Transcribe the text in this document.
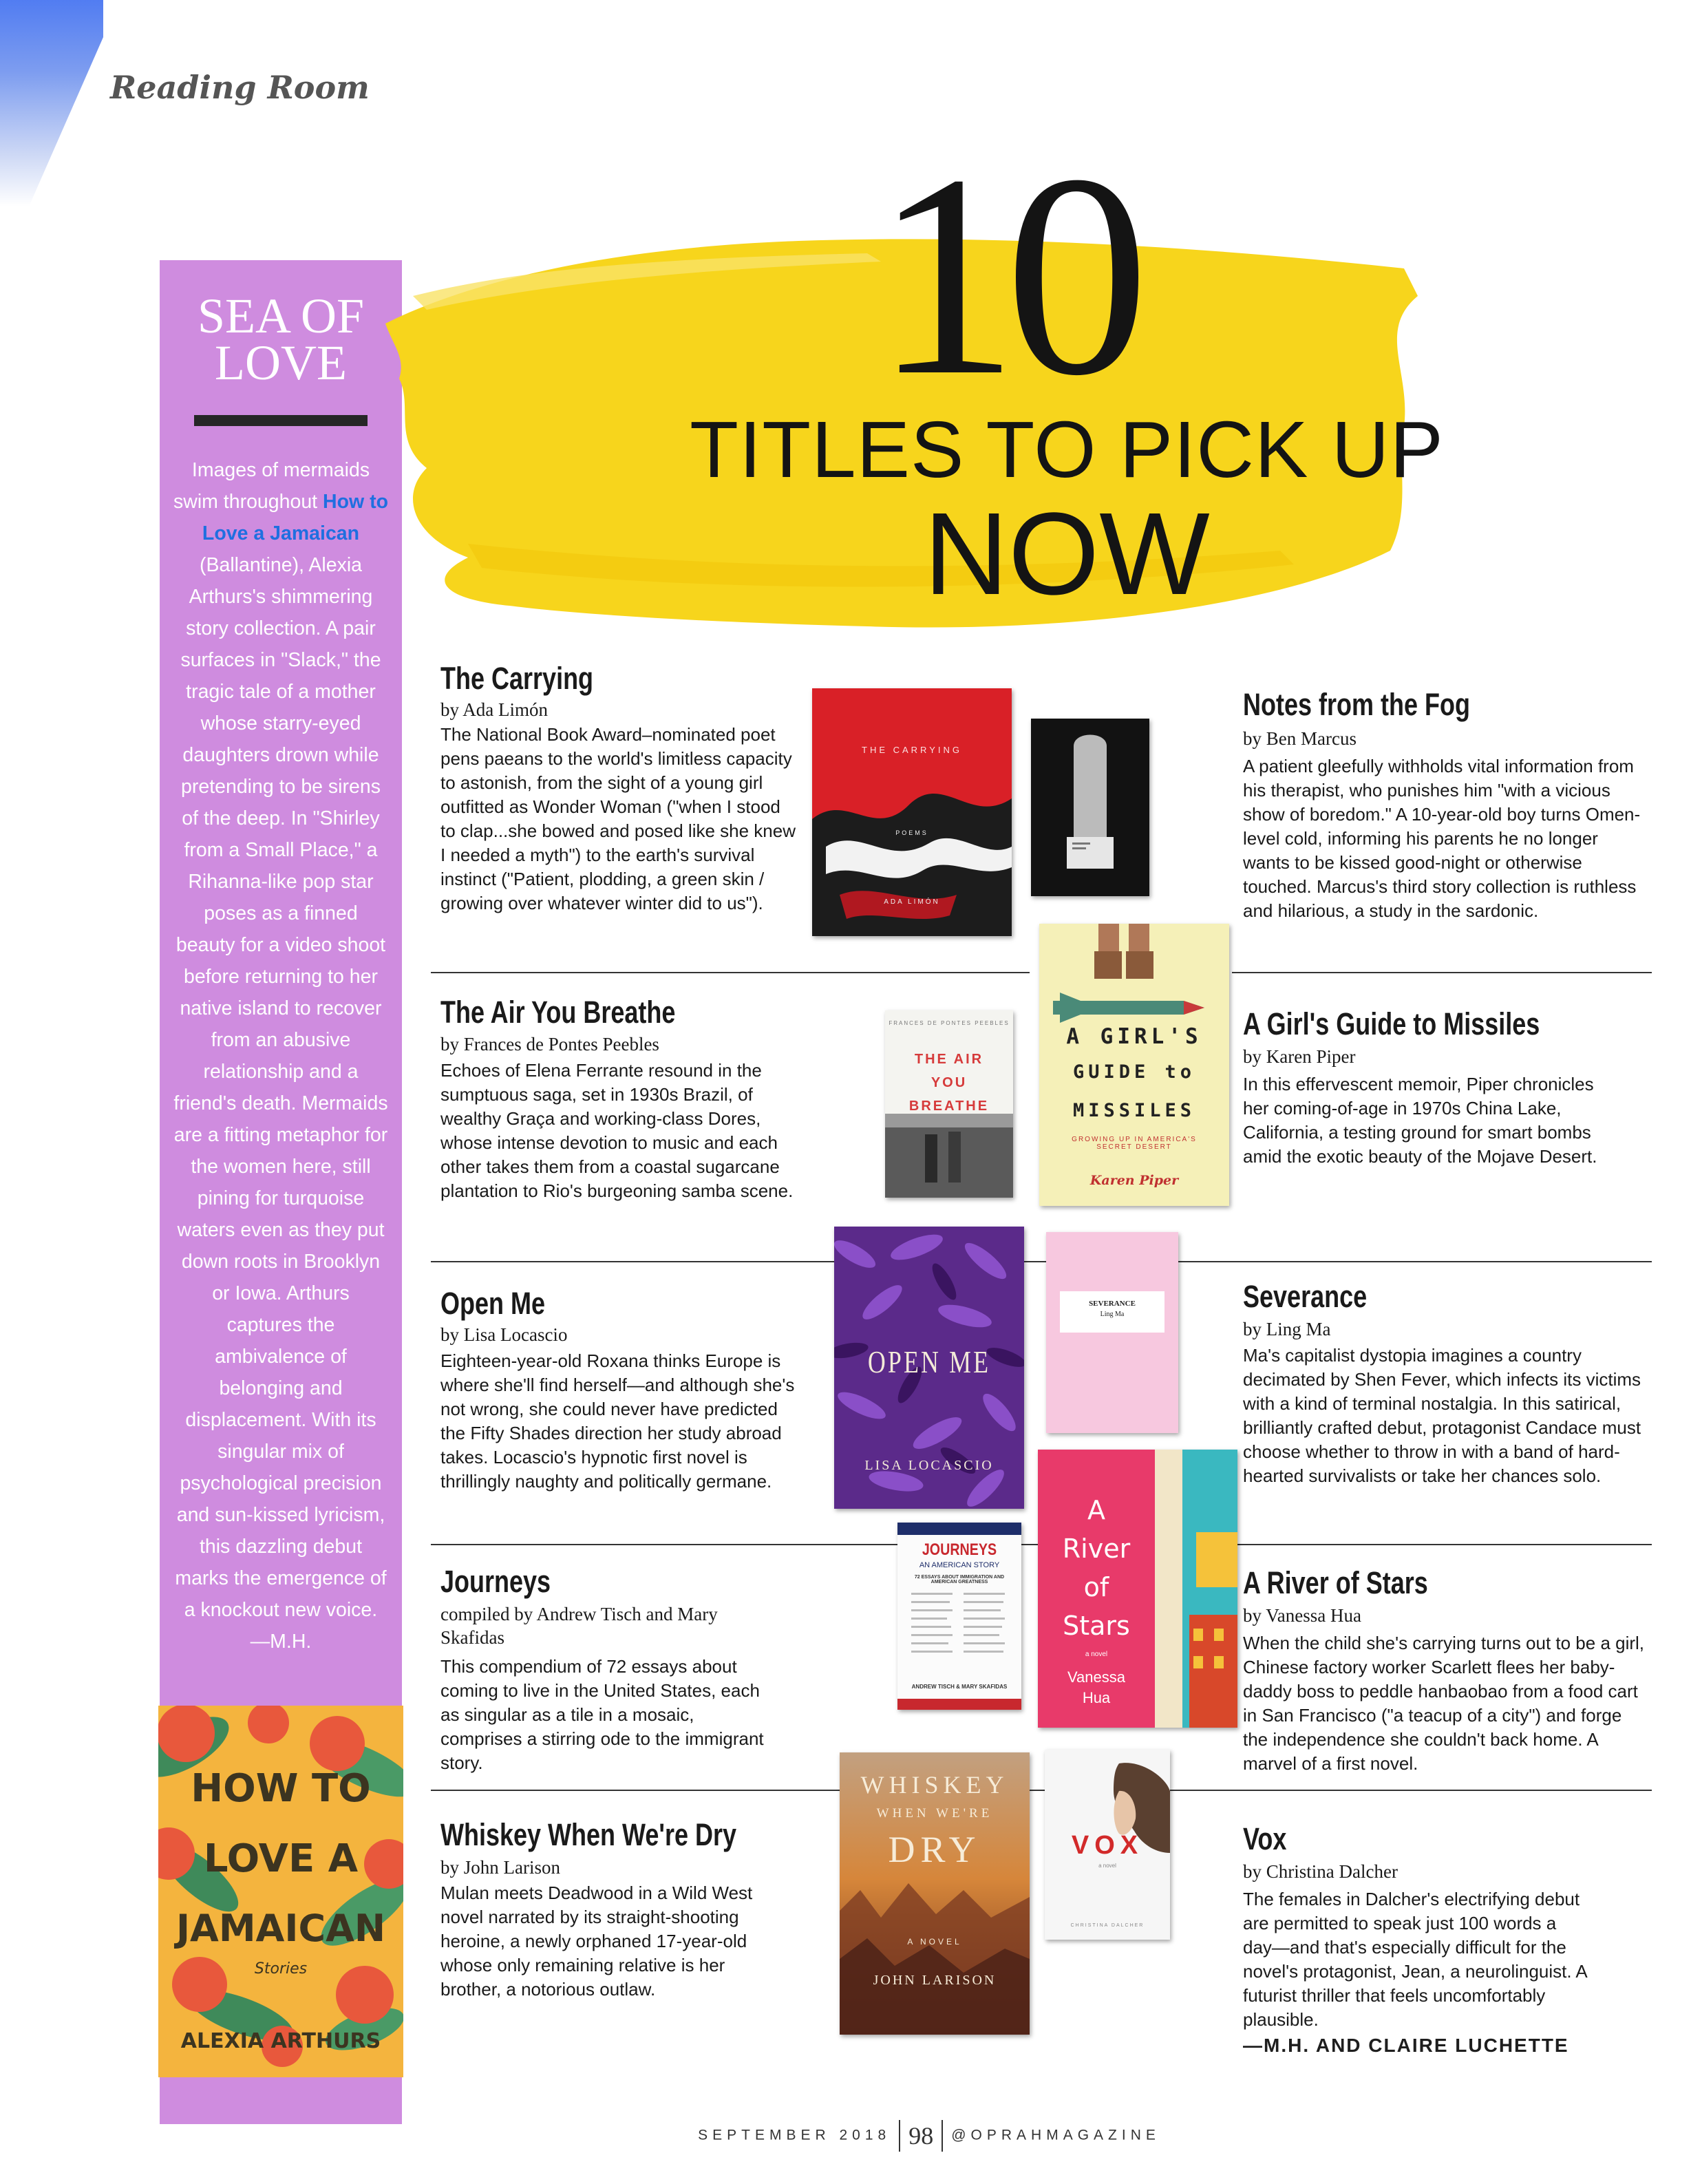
Reading Room
SEA OF
LOVE
Images of mermaids swim throughout How to Love a Jamaican (Ballantine), Alexia Arthurs's shimmering story collection. A pair surfaces in "Slack," the tragic tale of a mother whose starry-eyed daughters drown while pretending to be sirens of the deep. In "Shirley from a Small Place," a Rihanna-like pop star poses as a finned beauty for a video shoot before returning to her native island to recover from an abusive relationship and a friend's death. Mermaids are a fitting metaphor for the women here, still pining for turquoise waters even as they put down roots in Brooklyn or Iowa. Arthurs captures the ambivalence of belonging and displacement. With its singular mix of psychological precision and sun-kissed lyricism, this dazzling debut marks the emergence of a knockout new voice.
—M.H.
HOW TO
LOVE A
JAMAICAN
Stories
ALEXIA ARTHURS
10
TITLES TO PICK UP
NOW
The Carrying
by Ada Limón
The National Book Award–nominated poet pens paeans to the world's limitless capacity to astonish, from the sight of a young girl outfitted as Wonder Woman ("when I stood to clap...she bowed and posed like she knew I needed a myth") to the earth's survival instinct ("Patient, plodding, a green skin / growing over whatever winter did to us").
The Air You Breathe
by Frances de Pontes Peebles
Echoes of Elena Ferrante resound in the sumptuous saga, set in 1930s Brazil, of wealthy Graça and working-class Dores, whose intense devotion to music and each other takes them from a coastal sugarcane plantation to Rio's burgeoning samba scene.
Open Me
by Lisa Locascio
Eighteen-year-old Roxana thinks Europe is where she'll find herself—and although she's not wrong, she could never have predicted the Fifty Shades direction her study abroad takes. Locascio's hypnotic first novel is thrillingly naughty and politically germane.
Journeys
compiled by Andrew Tisch and Mary Skafidas
This compendium of 72 essays about coming to live in the United States, each as singular as a tile in a mosaic, comprises a stirring ode to the immigrant story.
Whiskey When We're Dry
by John Larison
Mulan meets Deadwood in a Wild West novel narrated by its straight-shooting heroine, a newly orphaned 17-year-old whose only remaining relative is her brother, a notorious outlaw.
Notes from the Fog
by Ben Marcus
A patient gleefully withholds vital information from his therapist, who punishes him "with a vicious show of boredom." A 10-year-old boy turns Omen-level cold, informing his parents he no longer wants to be kissed good-night or otherwise touched. Marcus's third story collection is ruthless and hilarious, a study in the sardonic.
A Girl's Guide to Missiles
by Karen Piper
In this effervescent memoir, Piper chronicles her coming-of-age in 1970s China Lake, California, a testing ground for smart bombs amid the exotic beauty of the Mojave Desert.
Severance
by Ling Ma
Ma's capitalist dystopia imagines a country decimated by Shen Fever, which infects its victims with a kind of terminal nostalgia. In this satirical, brilliantly crafted debut, protagonist Candace must choose whether to throw in with a band of hard-hearted survivalists or take her chances solo.
A River of Stars
by Vanessa Hua
When the child she's carrying turns out to be a girl, Chinese factory worker Scarlett flees her baby-daddy boss to peddle hanbaobao from a food cart in San Francisco ("a teacup of a city") and forge the independence she couldn't back home. A marvel of a first novel.
Vox
by Christina Dalcher
The females in Dalcher's electrifying debut are permitted to speak just 100 words a day—and that's especially difficult for the novel's protagonist, Jean, a neurolinguist. A futurist thriller that feels uncomfortably plausible.
—M.H. AND CLAIRE LUCHETTE
THE CARRYING
POEMS
ADA LIMÓN
A GIRL'S
GUIDE to
MISSILES
GROWING UP IN AMERICA'S SECRET DESERT
Karen Piper
FRANCES DE PONTES PEEBLES
THE AIR
YOU
BREATHE
OPEN ME
LISA LOCASCIO
SEVERANCE
Ling Ma
JOURNEYS
AN AMERICAN STORY
72 ESSAYS ABOUT IMMIGRATION AND AMERICAN GREATNESS
ANDREW TISCH & MARY SKAFIDAS
A
River
of
Stars
a novel
Vanessa
Hua
WHISKEY
WHEN WE'RE
DRY
A NOVEL
JOHN LARISON
VOX
a novel
CHRISTINA DALCHER
SEPTEMBER 2018 98 @OPRAHMAGAZINE
